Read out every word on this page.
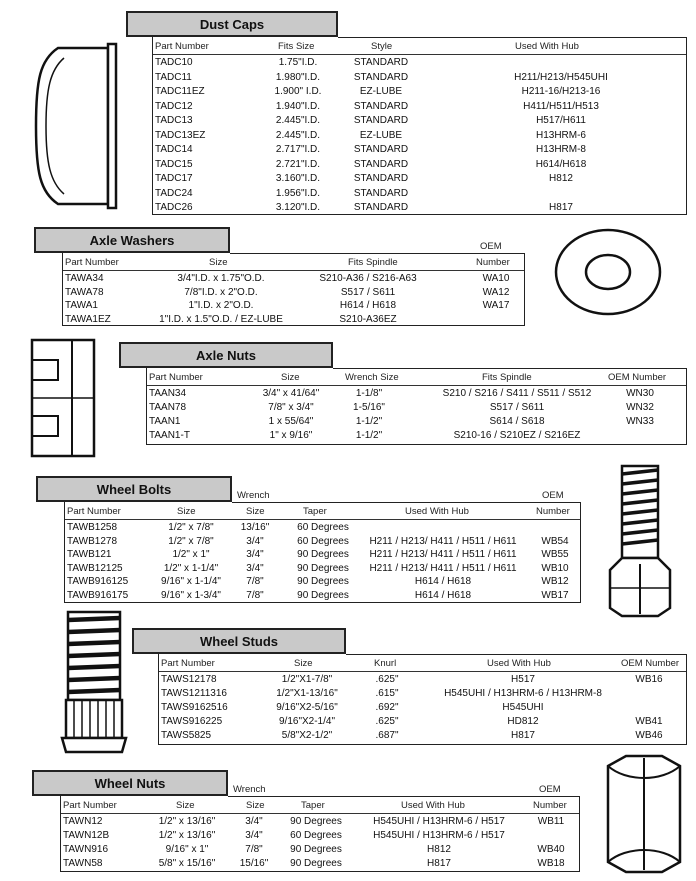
Dust Caps
Part Number	Fits Size	Style	Used With Hub
TADC10	1.75"I.D.	STANDARD
TADC11	1.980"I.D.	STANDARD	H211/H213/H545UHI
TADC11EZ	1.900" I.D.	EZ-LUBE	H211-16/H213-16
TADC12	1.940"I.D.	STANDARD	H411/H511/H513
TADC13	2.445"I.D.	STANDARD	H517/H611
TADC13EZ	2.445"I.D.	EZ-LUBE	H13HRM-6
TADC14	2.717"I.D.	STANDARD	H13HRM-8
TADC15	2.721"I.D.	STANDARD	H614/H618
TADC17	3.160"I.D.	STANDARD	H812
TADC24	1.956"I.D.	STANDARD
TADC26	3.120"I.D.	STANDARD	H817
Axle Washers	OEM
Part Number	Size	Fits Spindle	Number
TAWA34	3/4"I.D. x 1.75"O.D.	S210-A36 / S216-A63	WA10
TAWA78	7/8"I.D. x 2"O.D.	S517 / S611	WA12
TAWA1	1"I.D. x 2"O.D.	H614 / H618	WA17
TAWA1EZ	1"I.D. x 1.5"O.D. / EZ-LUBE	S210-A36EZ
Axle Nuts
Part Number	Size	Wrench Size	Fits Spindle	OEM Number
TAAN34	3/4" x 41/64"	1-1/8"	S210 / S216 / S411 / S511 / S512	WN30
TAAN78	7/8" x 3/4"	1-5/16"	S517 / S611	WN32
TAAN1	1 x 55/64"	1-1/2"	S614 / S618	WN33
TAAN1-T	1" x 9/16"	1-1/2"	S210-16 / S210EZ / S216EZ
Wheel Bolts	Wrench	OEM
Part Number	Size	Size	Taper	Used With Hub	Number
TAWB1258	1/2" x 7/8"	13/16"	60 Degrees
TAWB1278	1/2" x 7/8"	3/4"	60 Degrees	H211 / H213/ H411 / H511 / H611	WB54
TAWB121	1/2" x 1"	3/4"	90 Degrees	H211 / H213/ H411 / H511 / H611	WB55
TAWB12125	1/2" x 1-1/4"	3/4"	90 Degrees	H211 / H213/ H411 / H511 / H611	WB10
TAWB916125	9/16" x 1-1/4"	7/8"	90 Degrees	H614 / H618	WB12
TAWB916175	9/16" x 1-3/4"	7/8"	90 Degrees	H614 / H618	WB17
Wheel Studs
Part Number	Size	Knurl	Used With Hub	OEM Number
TAWS12178	1/2"X1-7/8"	.625"	H517	WB16
TAWS1211316	1/2"X1-13/16"	.615"	H545UHI / H13HRM-6 / H13HRM-8
TAWS9162516	9/16"X2-5/16"	.692"	H545UHI
TAWS916225	9/16"X2-1/4"	.625"	HD812	WB41
TAWS5825	5/8"X2-1/2"	.687"	H817	WB46
Wheel Nuts	Wrench	OEM
Part Number	Size	Size	Taper	Used With Hub	Number
TAWN12	1/2" x 13/16"	3/4"	90 Degrees	H545UHI / H13HRM-6 / H517	WB11
TAWN12B	1/2" x 13/16"	3/4"	60 Degrees	H545UHI / H13HRM-6 / H517
TAWN916	9/16" x 1"	7/8"	90 Degrees	H812	WB40
TAWN58	5/8" x 15/16"	15/16"	90 Degrees	H817	WB18
